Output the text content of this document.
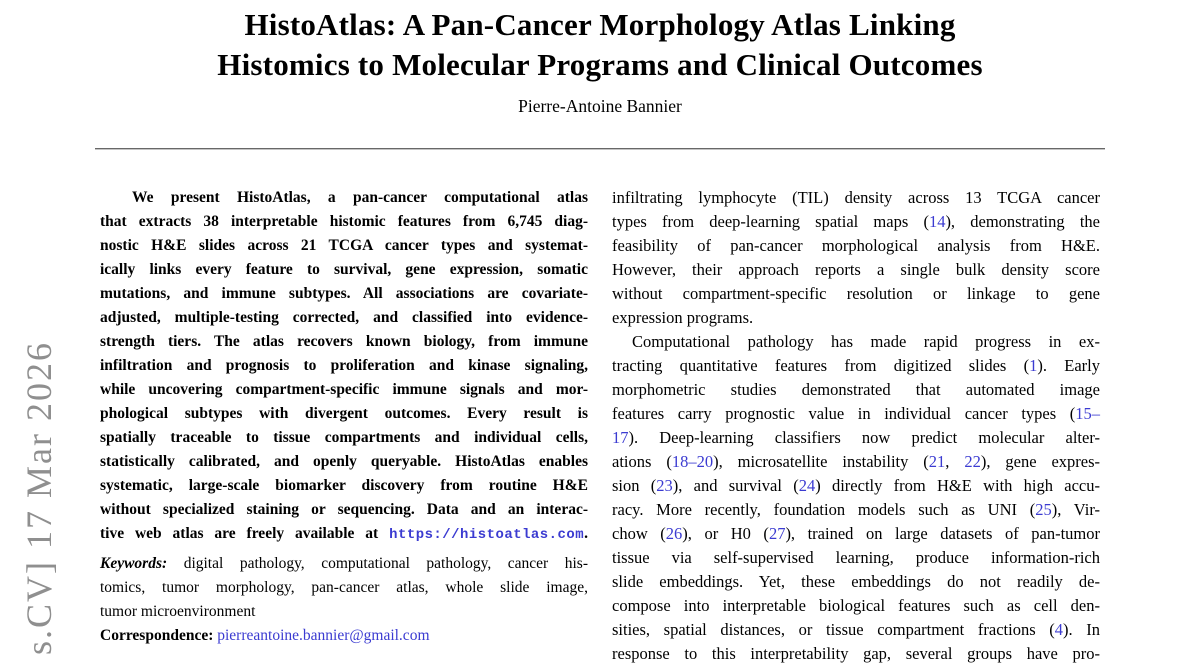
s.CV] 17 Mar 2026
HistoAtlas: A Pan-Cancer Morphology Atlas Linking
Histomics to Molecular Programs and Clinical Outcomes
Pierre-Antoine Bannier
We present HistoAtlas, a pan-cancer computational atlas
that extracts 38 interpretable histomic features from 6,745 diag-
nostic H&E slides across 21 TCGA cancer types and systemat-
ically links every feature to survival, gene expression, somatic
mutations, and immune subtypes. All associations are covariate-
adjusted, multiple-testing corrected, and classified into evidence-
strength tiers. The atlas recovers known biology, from immune
infiltration and prognosis to proliferation and kinase signaling,
while uncovering compartment-specific immune signals and mor-
phological subtypes with divergent outcomes. Every result is
spatially traceable to tissue compartments and individual cells,
statistically calibrated, and openly queryable. HistoAtlas enables
systematic, large-scale biomarker discovery from routine H&E
without specialized staining or sequencing. Data and an interac-
tive web atlas are freely available at https://histoatlas.com.
Keywords: digital pathology, computational pathology, cancer his-
tomics, tumor morphology, pan-cancer atlas, whole slide image,
tumor microenvironment
Correspondence: pierreantoine.bannier@gmail.com
infiltrating lymphocyte (TIL) density across 13 TCGA cancer
types from deep-learning spatial maps (14), demonstrating the
feasibility of pan-cancer morphological analysis from H&E.
However, their approach reports a single bulk density score
without compartment-specific resolution or linkage to gene
expression programs.
Computational pathology has made rapid progress in ex-
tracting quantitative features from digitized slides (1). Early
morphometric studies demonstrated that automated image
features carry prognostic value in individual cancer types (15–
17). Deep-learning classifiers now predict molecular alter-
ations (18–20), microsatellite instability (21, 22), gene expres-
sion (23), and survival (24) directly from H&E with high accu-
racy. More recently, foundation models such as UNI (25), Vir-
chow (26), or H0 (27), trained on large datasets of pan-tumor
tissue via self-supervised learning, produce information-rich
slide embeddings. Yet, these embeddings do not readily de-
compose into interpretable biological features such as cell den-
sities, spatial distances, or tissue compartment fractions (4). In
response to this interpretability gap, several groups have pro-
